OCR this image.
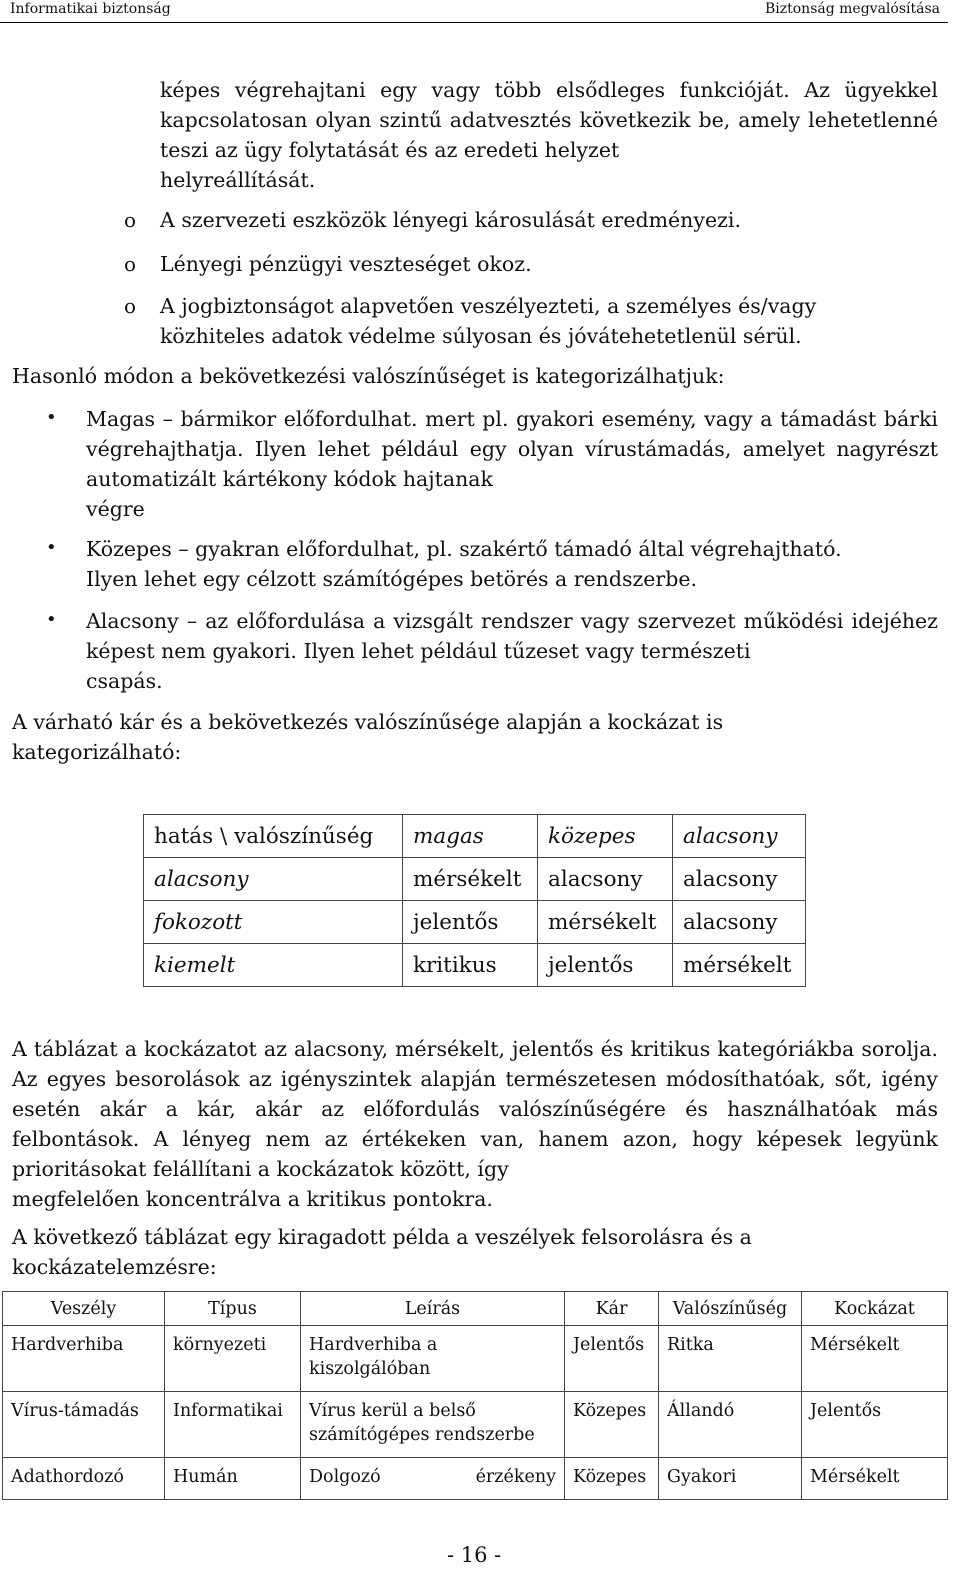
Informatikai biztonság	Biztonság megvalósítása
képes végrehajtani egy vagy több elsődleges funkcióját. Az ügyekkel kapcsolatosan olyan szintű adatvesztés következik be, amely lehetetlenné teszi az ügy folytatását és az eredeti helyzet
helyreállítását.
o A szervezeti eszközök lényegi károsulását eredményezi.
o Lényegi pénzügyi veszteséget okoz.
o A jogbiztonságot alapvetően veszélyezteti, a személyes és/vagy
közhiteles adatok védelme súlyosan és jóvátehetetlenül sérül.
Hasonló módon a bekövetkezési valószínűséget is kategorizálhatjuk:
• Magas – bármikor előfordulhat. mert pl. gyakori esemény, vagy a támadást bárki végrehajthatja. Ilyen lehet például egy olyan vírustámadás, amelyet nagyrészt automatizált kártékony kódok hajtanak
végre
• Közepes – gyakran előfordulhat, pl. szakértő támadó által végrehajtható.
Ilyen lehet egy célzott számítógépes betörés a rendszerbe.
• Alacsony – az előfordulása a vizsgált rendszer vagy szervezet működési idejéhez képest nem gyakori. Ilyen lehet például tűzeset vagy természeti
csapás.
A várható kár és a bekövetkezés valószínűsége alapján a kockázat is
kategorizálható:
hatás \ valószínűség	magas	közepes	alacsony
alacsony	mérsékelt	alacsony	alacsony
fokozott	jelentős	mérsékelt	alacsony
kiemelt	kritikus	jelentős	mérsékelt
A táblázat a kockázatot az alacsony, mérsékelt, jelentős és kritikus kategóriákba sorolja. Az egyes besorolások az igényszintek alapján természetesen módosíthatóak, sőt, igény esetén akár a kár, akár az előfordulás valószínűségére és használhatóak más felbontások. A lényeg nem az értékeken van, hanem azon, hogy képesek legyünk prioritásokat felállítani a kockázatok között, így
megfelelően koncentrálva a kritikus pontokra.
A következő táblázat egy kiragadott példa a veszélyek felsorolásra és a
kockázatelemzésre:
Veszély	Típus	Leírás	Kár	Valószínűség	Kockázat
Hardverhiba	környezeti	Hardverhiba a
kiszolgálóban	Jelentős	Ritka	Mérsékelt
Vírus-támadás	Informatikai	Vírus kerül a belső
számítógépes rendszerbe	Közepes	Állandó	Jelentős
Adathordozó	Humán	Dolgozó érzékeny	Közepes	Gyakori	Mérsékelt
- 16 -
